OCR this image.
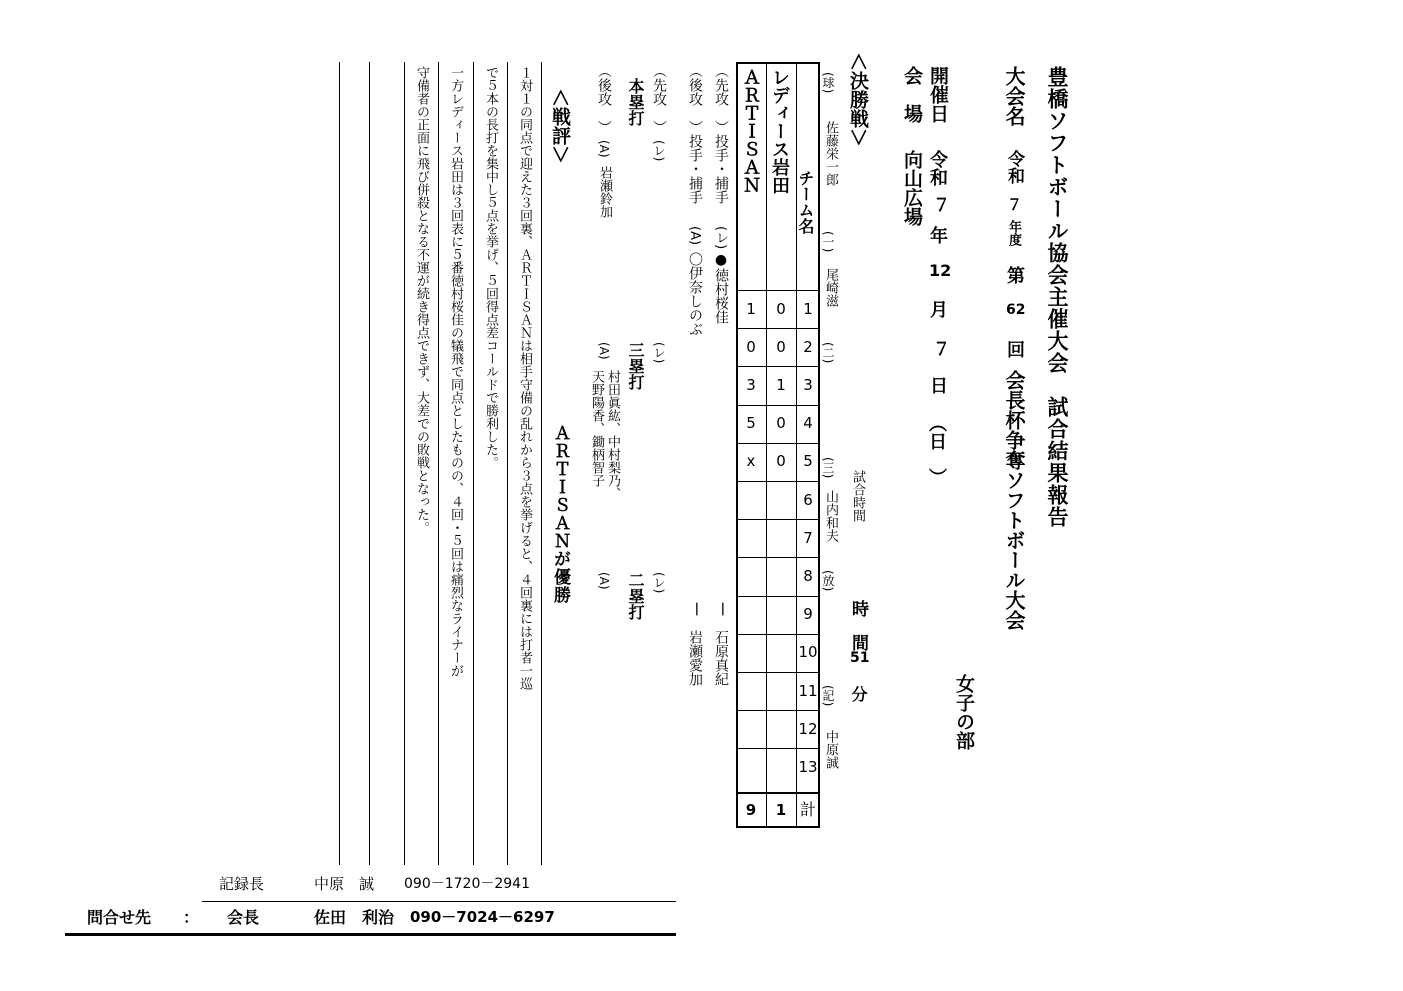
豊橋ソフトボール協会主催大会　試合結果報告
大会名
令和
７
年度
第
62
回
会長杯争奪ソフトボール大会
女子の部
開催日
令和
７
年
12
月
７
日
（日　）
会　場
向山広場
試合時間
時　間
51
分
＜決勝戦＞
(球)
佐藤栄一郎
(一)
尾崎滋
(二)
(三)
山内和夫
(放)
(記)
中原誠
チーム名
レディース岩田
ＡＲＴＩＳＡＮ
1
0
1
2
0
0
3
1
3
4
0
5
5
0
x
6
7
8
9
10
11
12
13
計
1
9
（先攻　）投手・捕手
(レ)
●徳村桜佳
－
石原真紀
（後攻　）投手・捕手
(A)
〇伊奈しのぶ
－
岩瀬愛加
（先攻　）
（後攻　） 本塁打
(レ)
(A)
岩瀬鈴加
三塁打 (レ)
(A)
村田眞紘、中村梨乃、
天野陽香、鋤柄智子
二塁打 (レ)
(A)
＜戦評＞
ＡＲＴＩＳＡＮが優勝
１対１の同点で迎えた３回裏、ＡＲＴＩＳＡＮは相手守備の乱れから３点を挙げると、４回裏には打者一巡
で５本の長打を集中し５点を挙げ、５回得点差コールドで勝利した。
一方レディース岩田は３回表に５番徳村桜佳の犠飛で同点としたものの、４回・５回は痛烈なライナーが
守備者の正面に飛び併殺となる不運が続き得点できず、大差での敗戦となった。
記録長	中原　誠 090－1720－2941
問合せ先 ： 会長	佐田　利治 090－7024－6297
